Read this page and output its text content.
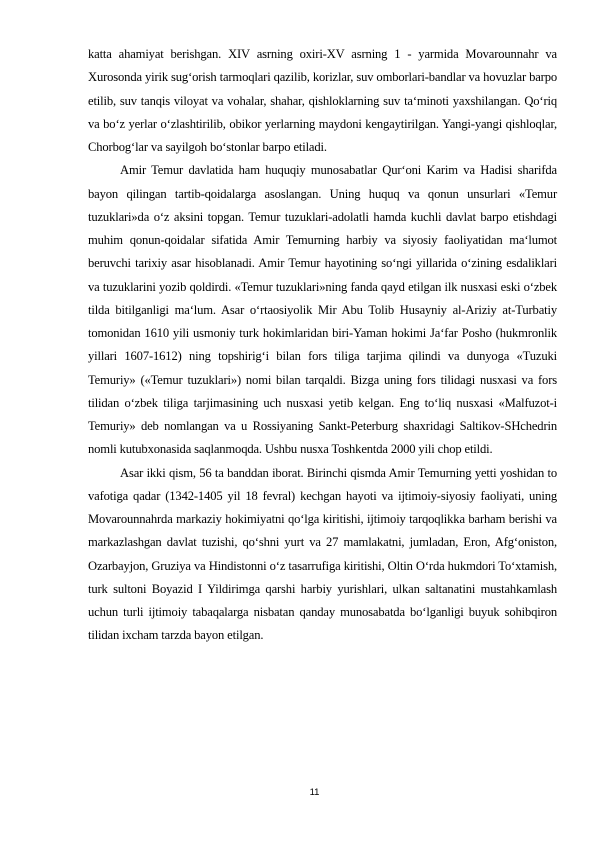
katta ahamiyat berishgan. XIV asrning oxiri-XV asrning 1 - yarmida Movarounnahr va Xurosonda yirik sug‘orish tarmoqlari qazilib, korizlar, suv omborlari-bandlar va hovuzlar barpo etilib, suv tanqis viloyat va vohalar, shahar, qishloklarning suv ta‘minoti yaxshilangan. Qo‘riq va bo‘z yerlar o‘zlashtirilib, obikor yerlarning maydoni kengaytirilgan. Yangi-yangi qishloqlar, Chorbog‘lar va sayilgoh bo‘stonlar barpo etiladi.

Amir Temur davlatida ham huquqiy munosabatlar Qur‘oni Karim va Hadisi sharifda bayon qilingan tartib-qoidalarga asoslangan. Uning huquq va qonun unsurlari «Temur tuzuklari»da o‘z aksini topgan. Temur tuzuklari-adolatli hamda kuchli davlat barpo etishdagi muhim qonun-qoidalar sifatida Amir Temurning harbiy va siyosiy faoliyatidan ma‘lumot beruvchi tarixiy asar hisoblanadi. Amir Temur hayotining so‘ngi yillarida o‘zining esdaliklari va tuzuklarini yozib qoldirdi. «Temur tuzuklari»ning fanda qayd etilgan ilk nusxasi eski o‘zbek tilda bitilganligi ma‘lum. Asar o‘rtaosiyolik Mir Abu Tolib Husayniy al-Ariziy at-Turbatiy tomonidan 1610 yili usmoniy turk hokimlaridan biri-Yaman hokimi Ja‘far Posho (hukmronlik yillari 1607-1612) ning topshirig‘i bilan fors tiliga tarjima qilindi va dunyoga «Tuzuki Temuriy» («Temur tuzuklari») nomi bilan tarqaldi. Bizga uning fors tilidagi nusxasi va fors tilidan o‘zbek tiliga tarjimasining uch nusxasi yetib kelgan. Eng to‘liq nusxasi «Malfuzot-i Temuriy» deb nomlangan va u Rossiyaning Sankt-Peterburg shaxridagi Saltikov-SHchedrin nomli kutubxonasida saqlanmoqda. Ushbu nusxa Toshkentda 2000 yili chop etildi.

Asar ikki qism, 56 ta banddan iborat. Birinchi qismda Amir Temurning yetti yoshidan to vafotiga qadar (1342-1405 yil 18 fevral) kechgan hayoti va ijtimoiy-siyosiy faoliyati, uning Movarounnahrda markaziy hokimiyatni qo‘lga kiritishi, ijtimoiy tarqoqlikka barham berishi va markazlashgan davlat tuzishi, qo‘shni yurt va 27 mamlakatni, jumladan, Eron, Afg‘oniston, Ozarbayjon, Gruziya va Hindistonni o‘z tasarrufiga kiritishi, Oltin O‘rda hukmdori To‘xtamish, turk sultoni Boyazid I Yildirimga qarshi harbiy yurishlari, ulkan saltanatini mustahkamlash uchun turli ijtimoiy tabaqalarga nisbatan qanday munosabatda bo‘lganligi buyuk sohibqiron tilidan ixcham tarzda bayon etilgan.

11
